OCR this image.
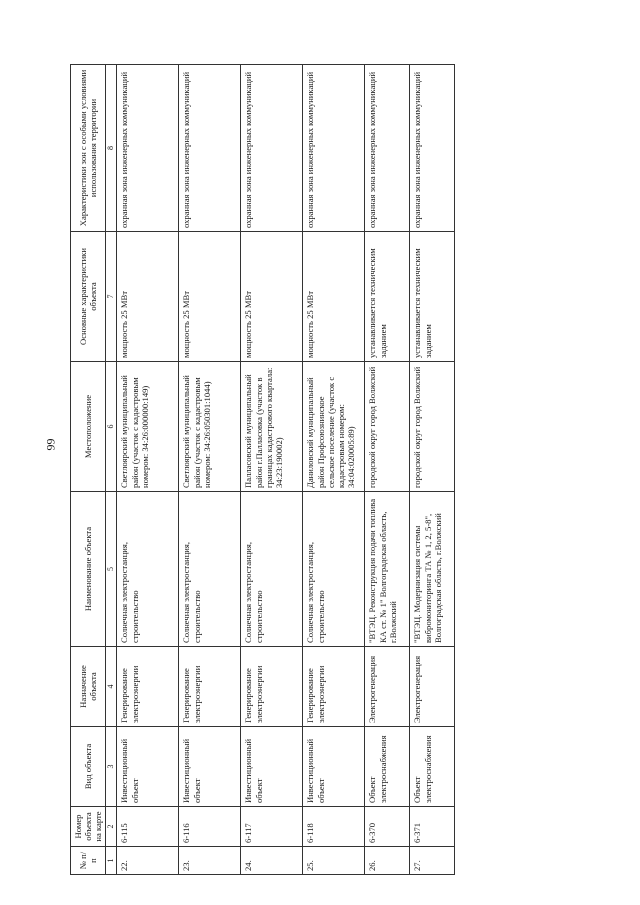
99
№ п/п	Номер объекта на карте	Вид объекта	Назначение объекта	Наименование объекта	Местоположение	Основные характеристики объекта	Характеристики зон с особыми условиями использования территории
1	2	3	4	5	6	7	8
22.	6-115	Инвестиционный объект	Генерирование электроэнергии	Солнечная электростанция, строительство	Светлоярский муниципальный район (участок с кадастровым номером: 34:26:000000:149)	мощность 25 МВт	охранная зона инженерных коммуникаций
23.	6-116	Инвестиционный объект	Генерирование электроэнергии	Солнечная электростанция, строительство	Светлоярский муниципальный район (участок с кадастровым номером: 34:26:050301:1044)	мощность 25 МВт	охранная зона инженерных коммуникаций
24.	6-117	Инвестиционный объект	Генерирование электроэнергии	Солнечная электростанция, строительство	Палласовский муниципальный район г.Палласовка (участок в границах кадастрового квартала: 34:23:190002)	мощность 25 МВт	охранная зона инженерных коммуникаций
25.	6-118	Инвестиционный объект	Генерирование электроэнергии	Солнечная электростанция, строительство	Даниловский муниципальный район Профсоюзнинское сельское поселение (участок с кадастровым номером: 34:04:020005:89)	мощность 25 МВт	охранная зона инженерных коммуникаций
26.	6-370	Объект электроснабжения	Электрогенерация	"ВТЭЦ. Реконструкция подачи топлива КА ст. № 1" Волгоградская область, г.Волжский	городской округ город Волжский	устанавливается техническим заданием	охранная зона инженерных коммуникаций
27.	6-371	Объект электроснабжения	Электрогенерация	"ВТЭЦ. Модернизация системы вибромониторинга ТА № 1, 2, 5-8", Волгоградская область, г.Волжский	городской округ город Волжский	устанавливается техническим заданием	охранная зона инженерных коммуникаций
